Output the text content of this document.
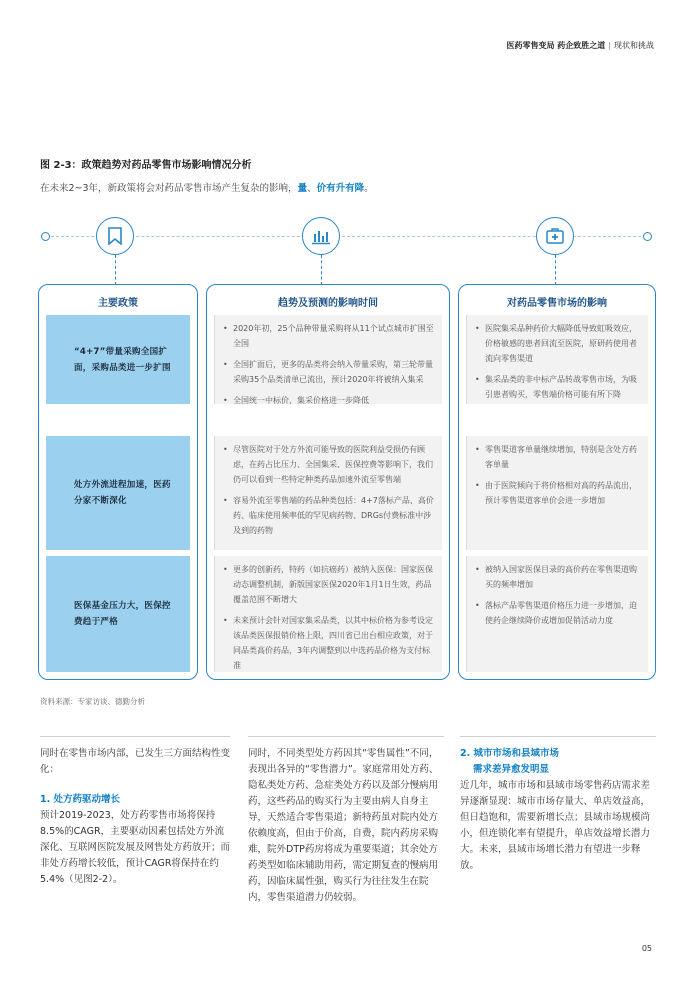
医药零售变局 药企致胜之道 | 现状和挑战
图 2-3：政策趋势对药品零售市场影响情况分析
在未来2~3年，新政策将会对药品零售市场产生复杂的影响，量、价有升有降。
主要政策	趋势及预测的影响时间	对药品零售市场的影响
“4+7”带量采购全国扩面，采购品类进一步扩围
• 2020年初，25个品种带量采购将从11个试点城市扩围至全国
• 全国扩面后，更多的品类将会纳入带量采购，第三轮带量采购35个品类清单已流出，预计2020年将被纳入集采
• 全国统一中标价，集采价格进一步降低
• 医院集采品种药价大幅降低导致虹吸效应，价格敏感的患者回流至医院，原研药使用者流向零售渠道
• 集采品类的非中标产品转战零售市场，为吸引患者购买，零售端价格可能有所下降
处方外流进程加速，医药分家不断深化
• 尽管医院对于处方外流可能导致的医院利益受损仍有顾虑，在药占比压力、全国集采、医保控费等影响下，我们仍可以看到一些特定种类药品加速外流至零售端
• 容易外流至零售端的药品种类包括：4+7落标产品、高价药、临床使用频率低的罕见病药物、DRGs付费标准中涉及到的药物
• 零售渠道客单量继续增加，特别是含处方药客单量
• 由于医院倾向于将价格相对高的药品流出，预计零售渠道客单价会进一步增加
医保基金压力大，医保控费趋于严格
• 更多的创新药，特药（如抗癌药）被纳入医保：国家医保动态调整机制，新版国家医保2020年1月1日生效，药品覆盖范围不断增大
• 未来预计会针对国家集采品类，以其中标价格为参考设定该品类医保报销价格上限，四川省已出台相应政策，对于同品类高价药品，3年内调整到以中选药品价格为支付标准
• 被纳入国家医保目录的高价药在零售渠道购买的频率增加
• 落标产品零售渠道价格压力进一步增加，迫使药企继续降价或增加促销活动力度
资料来源：专家访谈、德勤分析
同时在零售市场内部，已发生三方面结构性变化：
1. 处方药驱动增长
预计2019-2023，处方药零售市场将保持8.5%的CAGR，主要驱动因素包括处方外流深化、互联网医院发展及网售处方药放开；而非处方药增长较低，预计CAGR将保持在约5.4%（见图2-2）。
同时，不同类型处方药因其“零售属性”不同，表现出各异的“零售潜力”。家庭常用处方药、隐私类处方药、急症类处方药以及部分慢病用药，这些药品的购买行为主要由病人自身主导，天然适合零售渠道；新特药虽对院内处方依赖度高，但由于价高，自费，院内药房采购难，院外DTP药房将成为重要渠道；其余处方药类型如临床辅助用药，需定期复查的慢病用药，因临床属性强，购买行为往往发生在院内，零售渠道潜力仍较弱。
2. 城市市场和县域市场
需求差异愈发明显
近几年，城市市场和县域市场零售药店需求差异逐渐显现：城市市场存量大、单店效益高，但日趋饱和，需要新增长点；县域市场规模尚小，但连锁化率有望提升，单店效益增长潜力大。未来，县域市场增长潜力有望进一步释放。
05
